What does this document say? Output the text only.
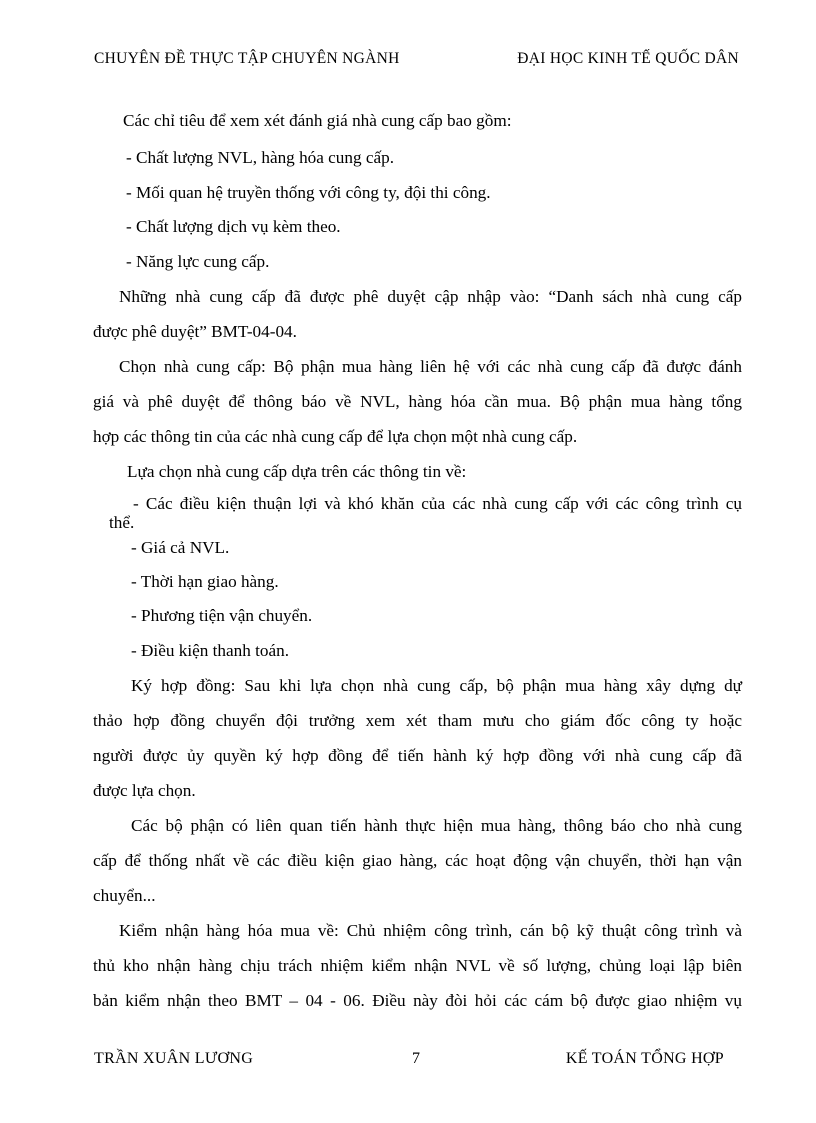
CHUYÊN ĐỀ THỰC TẬP CHUYÊN NGÀNH	ĐẠI HỌC KINH TẾ QUỐC DÂN
Các chỉ tiêu để xem xét đánh giá nhà cung cấp bao gồm:
- Chất lượng NVL, hàng hóa cung cấp.
- Mối quan hệ truyền thống với công ty, đội thi công.
- Chất lượng dịch vụ kèm theo.
- Năng lực cung cấp.
Những nhà cung cấp đã được phê duyệt cập nhập vào: “Danh sách nhà cung cấp
được phê duyệt” BMT-04-04.
Chọn nhà cung cấp: Bộ phận mua hàng liên hệ với các nhà cung cấp đã được đánh
giá và phê duyệt để thông báo về NVL, hàng hóa cần mua. Bộ phận mua hàng tổng
hợp các thông tin của các nhà cung cấp để lựa chọn một nhà cung cấp.
Lựa chọn nhà cung cấp dựa trên các thông tin về:
- Các điều kiện thuận lợi và khó khăn của các nhà cung cấp với các công trình cụ
thể.
- Giá cả NVL.
- Thời hạn giao hàng.
- Phương tiện vận chuyển.
- Điều kiện thanh toán.
Ký hợp đồng: Sau khi lựa chọn nhà cung cấp, bộ phận mua hàng xây dựng dự
thảo hợp đồng chuyển đội trưởng xem xét tham mưu cho giám đốc công ty hoặc
người được ủy quyền ký hợp đồng để tiến hành ký hợp đồng với nhà cung cấp đã
được lựa chọn.
Các bộ phận có liên quan tiến hành thực hiện mua hàng, thông báo cho nhà cung
cấp để thống nhất về các điều kiện giao hàng, các hoạt động vận chuyển, thời hạn vận
chuyển...
Kiểm nhận hàng hóa mua về: Chủ nhiệm công trình, cán bộ kỹ thuật công trình và
thủ kho nhận hàng chịu trách nhiệm kiểm nhận NVL về số lượng, chủng loại lập biên
bản kiểm nhận theo BMT – 04 - 06. Điều này đòi hỏi các cám bộ được giao nhiệm vụ
TRẦN XUÂN LƯƠNG	7	KẾ TOÁN TỔNG HỢP
